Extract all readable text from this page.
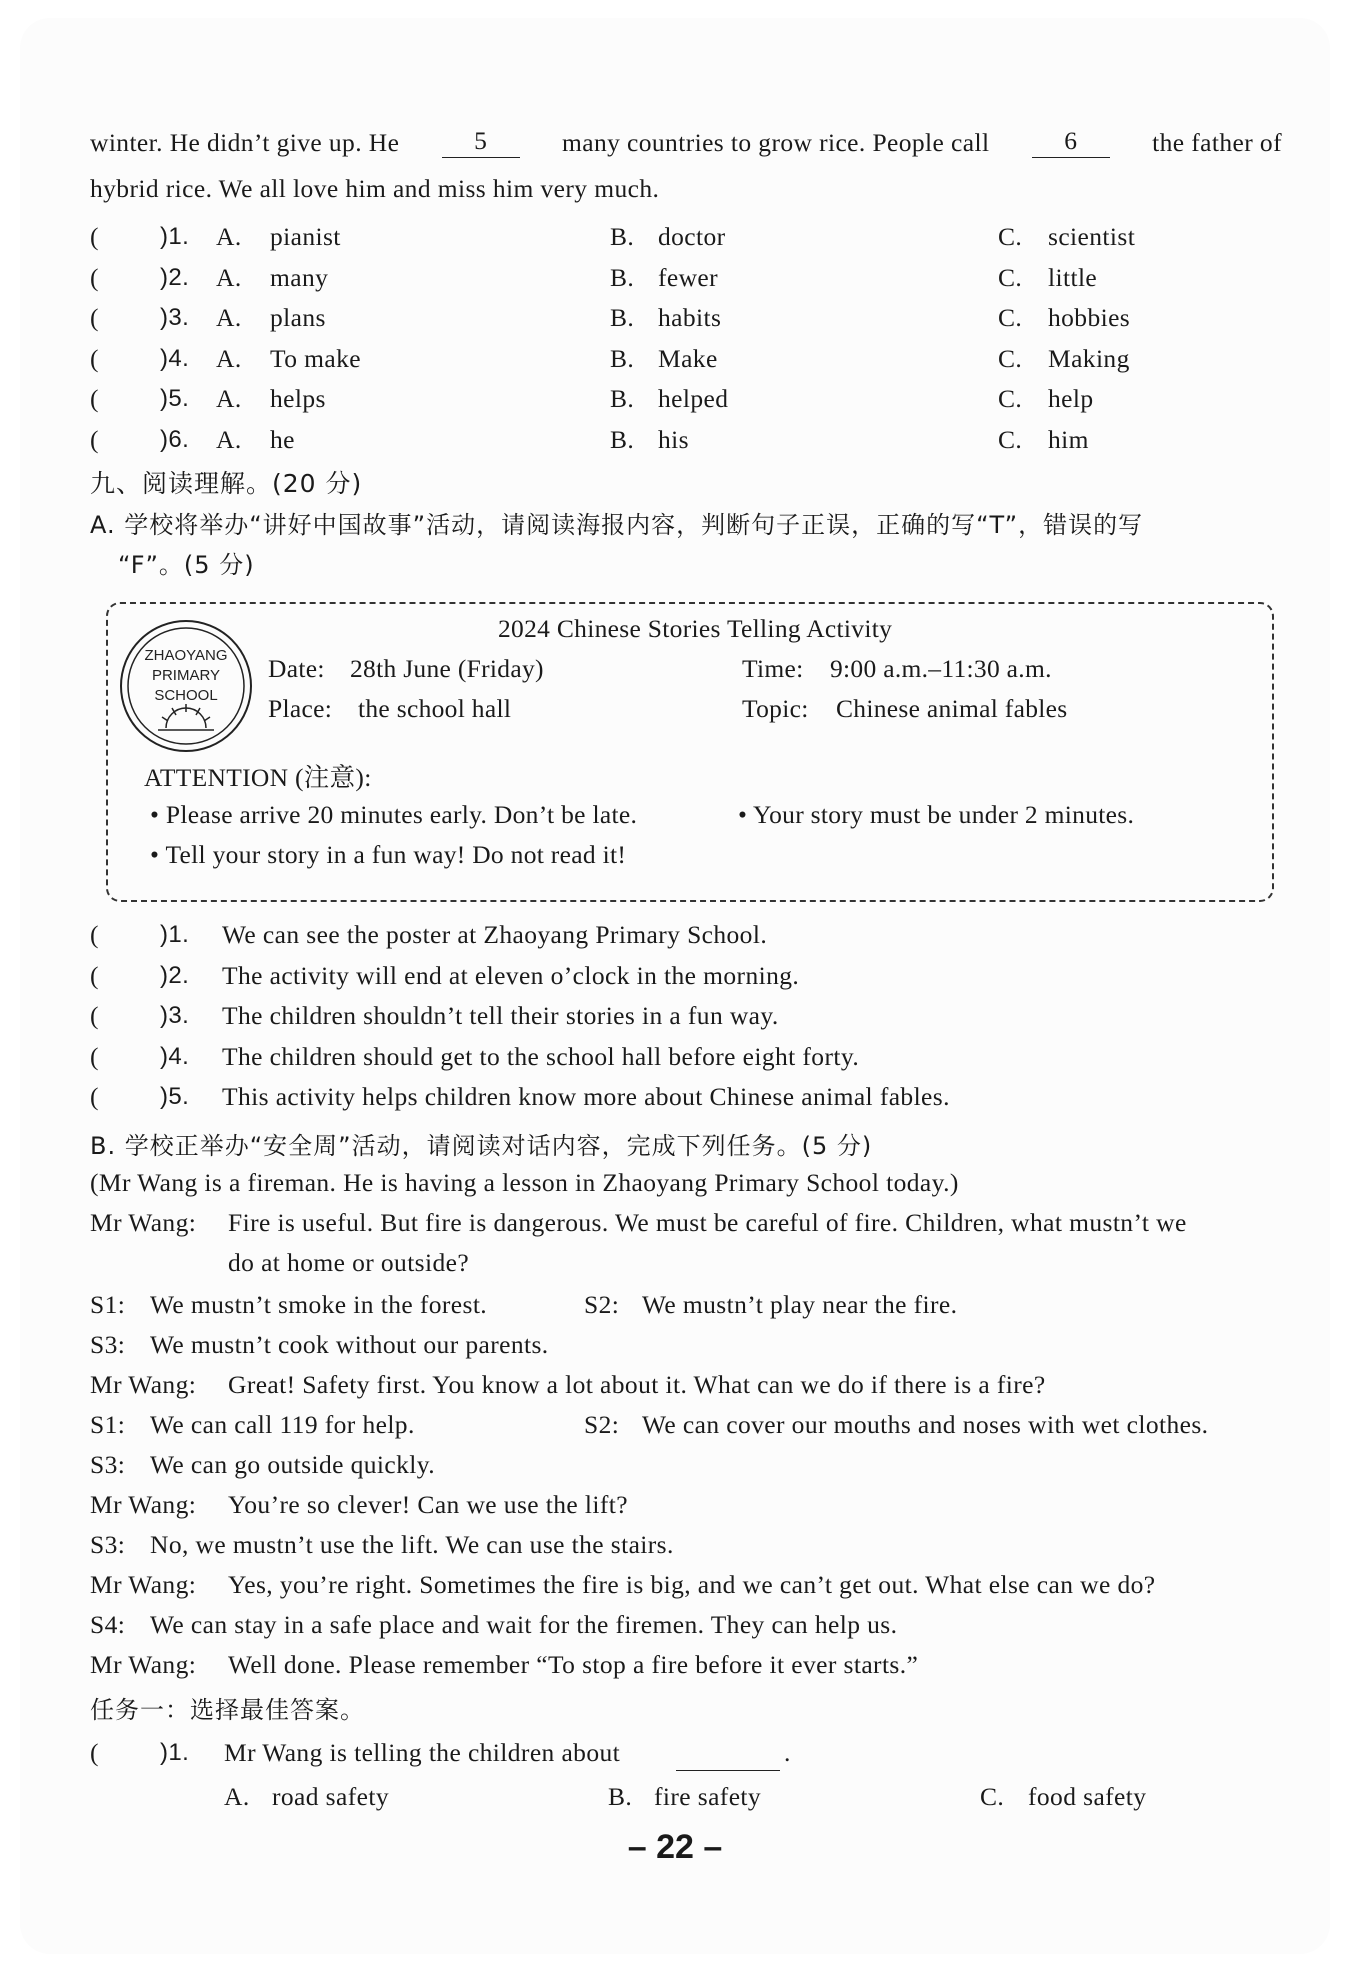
winter. He didn’t give up. He	5	many countries to grow rice. People call	6	the father of
hybrid rice. We all love him and miss him very much.
(	)1. A. pianist	B. doctor	C. scientist
(	)2. A. many	B. fewer	C. little
(	)3. A. plans	B. habits	C. hobbies
(	)4. A. To make	B. Make	C. Making
(	)5. A. helps	B. helped	C. help
(	)6. A. he	B. his	C. him
九、阅读理解。(20 分)
A. 学校将举办“讲好中国故事”活动，请阅读海报内容，判断句子正误，正确的写“T”，错误的写
“F”。(5 分)
ZHAOYANG
PRIMARY
SCHOOL
2024 Chinese Stories Telling Activity
Date: 28th June (Friday)	Time: 9:00 a.m.–11:30 a.m.
Place: the school hall	Topic: Chinese animal fables
ATTENTION (注意):
• Please arrive 20 minutes early. Don’t be late.	• Your story must be under 2 minutes.
• Tell your story in a fun way! Do not read it!
(	)1. We can see the poster at Zhaoyang Primary School.
(	)2. The activity will end at eleven o’clock in the morning.
(	)3. The children shouldn’t tell their stories in a fun way.
(	)4. The children should get to the school hall before eight forty.
(	)5. This activity helps children know more about Chinese animal fables.
B. 学校正举办“安全周”活动，请阅读对话内容，完成下列任务。(5 分)
(Mr Wang is a fireman. He is having a lesson in Zhaoyang Primary School today.)
Mr Wang: Fire is useful. But fire is dangerous. We must be careful of fire. Children, what mustn’t we
do at home or outside?
S1: We mustn’t smoke in the forest.	S2: We mustn’t play near the fire.
S3: We mustn’t cook without our parents.
Mr Wang: Great! Safety first. You know a lot about it. What can we do if there is a fire?
S1: We can call 119 for help.	S2: We can cover our mouths and noses with wet clothes.
S3: We can go outside quickly.
Mr Wang: You’re so clever! Can we use the lift?
S3: No, we mustn’t use the lift. We can use the stairs.
Mr Wang: Yes, you’re right. Sometimes the fire is big, and we can’t get out. What else can we do?
S4: We can stay in a safe place and wait for the firemen. They can help us.
Mr Wang: Well done. Please remember “To stop a fire before it ever starts.”
任务一：选择最佳答案。
(	)1. Mr Wang is telling the children about	.
A. road safety	B. fire safety	C. food safety
– 22 –
